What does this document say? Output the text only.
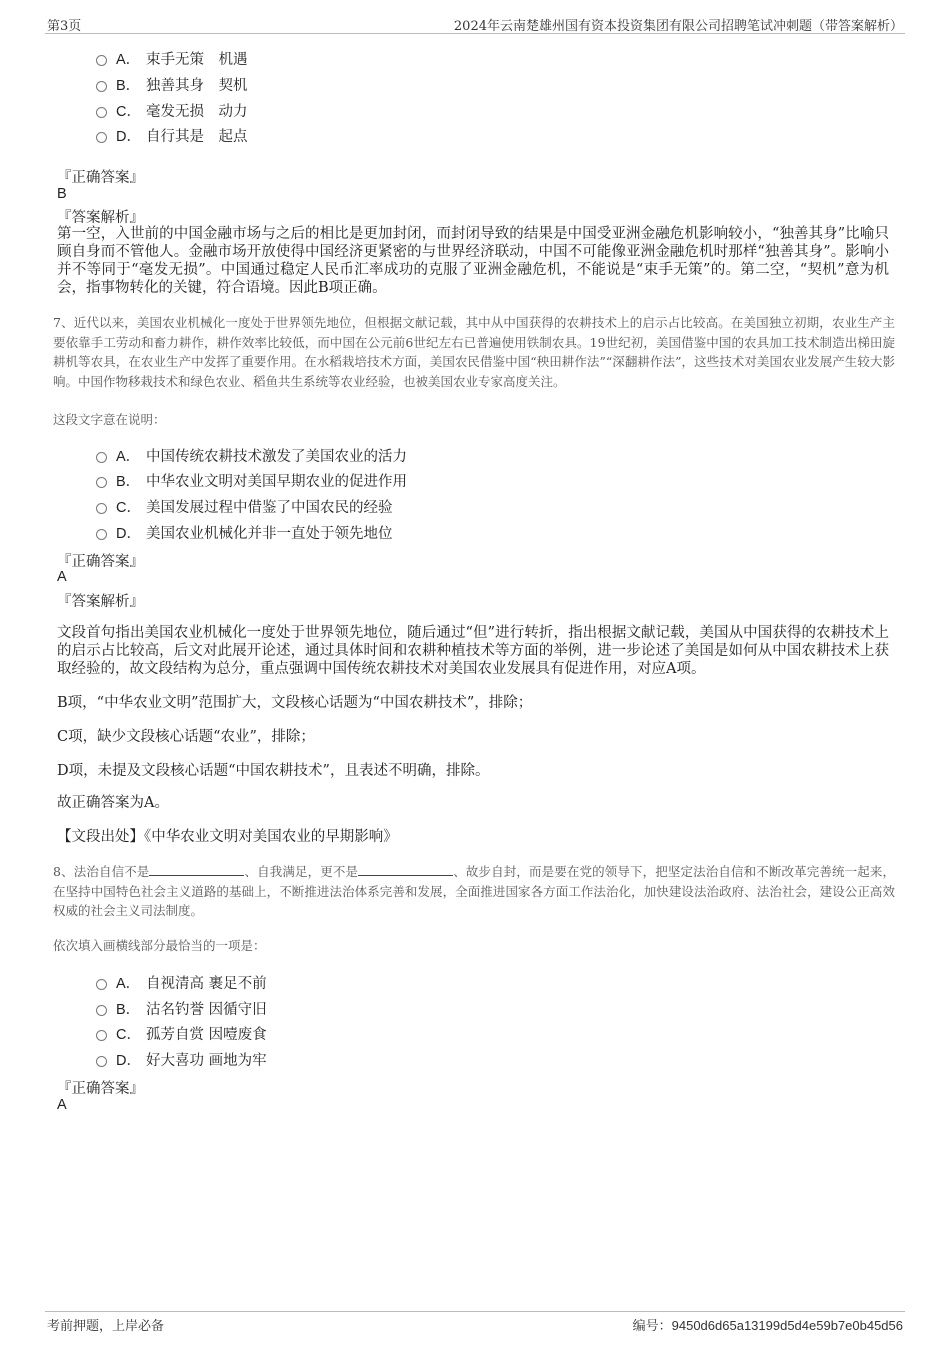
第3页	2024年云南楚雄州国有资本投资集团有限公司招聘笔试冲刺题（带答案解析）
A． 束手无策　机遇
B． 独善其身　契机
C． 毫发无损　动力
D． 自行其是　起点
『正确答案』
B
『答案解析』
第一空，入世前的中国金融市场与之后的相比是更加封闭，而封闭导致的结果是中国受亚洲金融危机影响较小，“独善其身”比喻只顾自身而不管他人。金融市场开放使得中国经济更紧密的与世界经济联动，中国不可能像亚洲金融危机时那样“独善其身”。影响小并不等同于“毫发无损”。中国通过稳定人民币汇率成功的克服了亚洲金融危机，不能说是“束手无策”的。第二空，“契机”意为机会，指事物转化的关键，符合语境。因此B项正确。
7、近代以来，美国农业机械化一度处于世界领先地位，但根据文献记载，其中从中国获得的农耕技术上的启示占比较高。在美国独立初期，农业生产主要依靠手工劳动和畜力耕作，耕作效率比较低，而中国在公元前6世纪左右已普遍使用铁制农具。19世纪初，美国借鉴中国的农具加工技术制造出梯田旋耕机等农具，在农业生产中发挥了重要作用。在水稻栽培技术方面，美国农民借鉴中国“秧田耕作法”“深翻耕作法”，这些技术对美国农业发展产生较大影响。中国作物移栽技术和绿色农业、稻鱼共生系统等农业经验，也被美国农业专家高度关注。
这段文字意在说明：
A． 中国传统农耕技术激发了美国农业的活力
B． 中华农业文明对美国早期农业的促进作用
C． 美国发展过程中借鉴了中国农民的经验
D． 美国农业机械化并非一直处于领先地位
『正确答案』
A
『答案解析』
文段首句指出美国农业机械化一度处于世界领先地位，随后通过“但”进行转折，指出根据文献记载，美国从中国获得的农耕技术上的启示占比较高，后文对此展开论述，通过具体时间和农耕种植技术等方面的举例，进一步论述了美国是如何从中国农耕技术上获取经验的，故文段结构为总分，重点强调中国传统农耕技术对美国农业发展具有促进作用，对应A项。
B项，“中华农业文明”范围扩大，文段核心话题为“中国农耕技术”，排除；
C项，缺少文段核心话题“农业”，排除；
D项，未提及文段核心话题“中国农耕技术”，且表述不明确，排除。
故正确答案为A。
【文段出处】《中华农业文明对美国农业的早期影响》
8、法治自信不是	、自我满足，更不是	、故步自封，而是要在党的领导下，把坚定法治自信和不断改革完善统一起来，在坚持中国特色社会主义道路的基础上，不断推进法治体系完善和发展，全面推进国家各方面工作法治化，加快建设法治政府、法治社会，建设公正高效权威的社会主义司法制度。
依次填入画横线部分最恰当的一项是：
A． 自视清高 裹足不前
B． 沽名钓誉 因循守旧
C． 孤芳自赏 因噎废食
D． 好大喜功 画地为牢
『正确答案』
A
考前押题，上岸必备	编号：9450d6d65a13199d5d4e59b7e0b45d56
